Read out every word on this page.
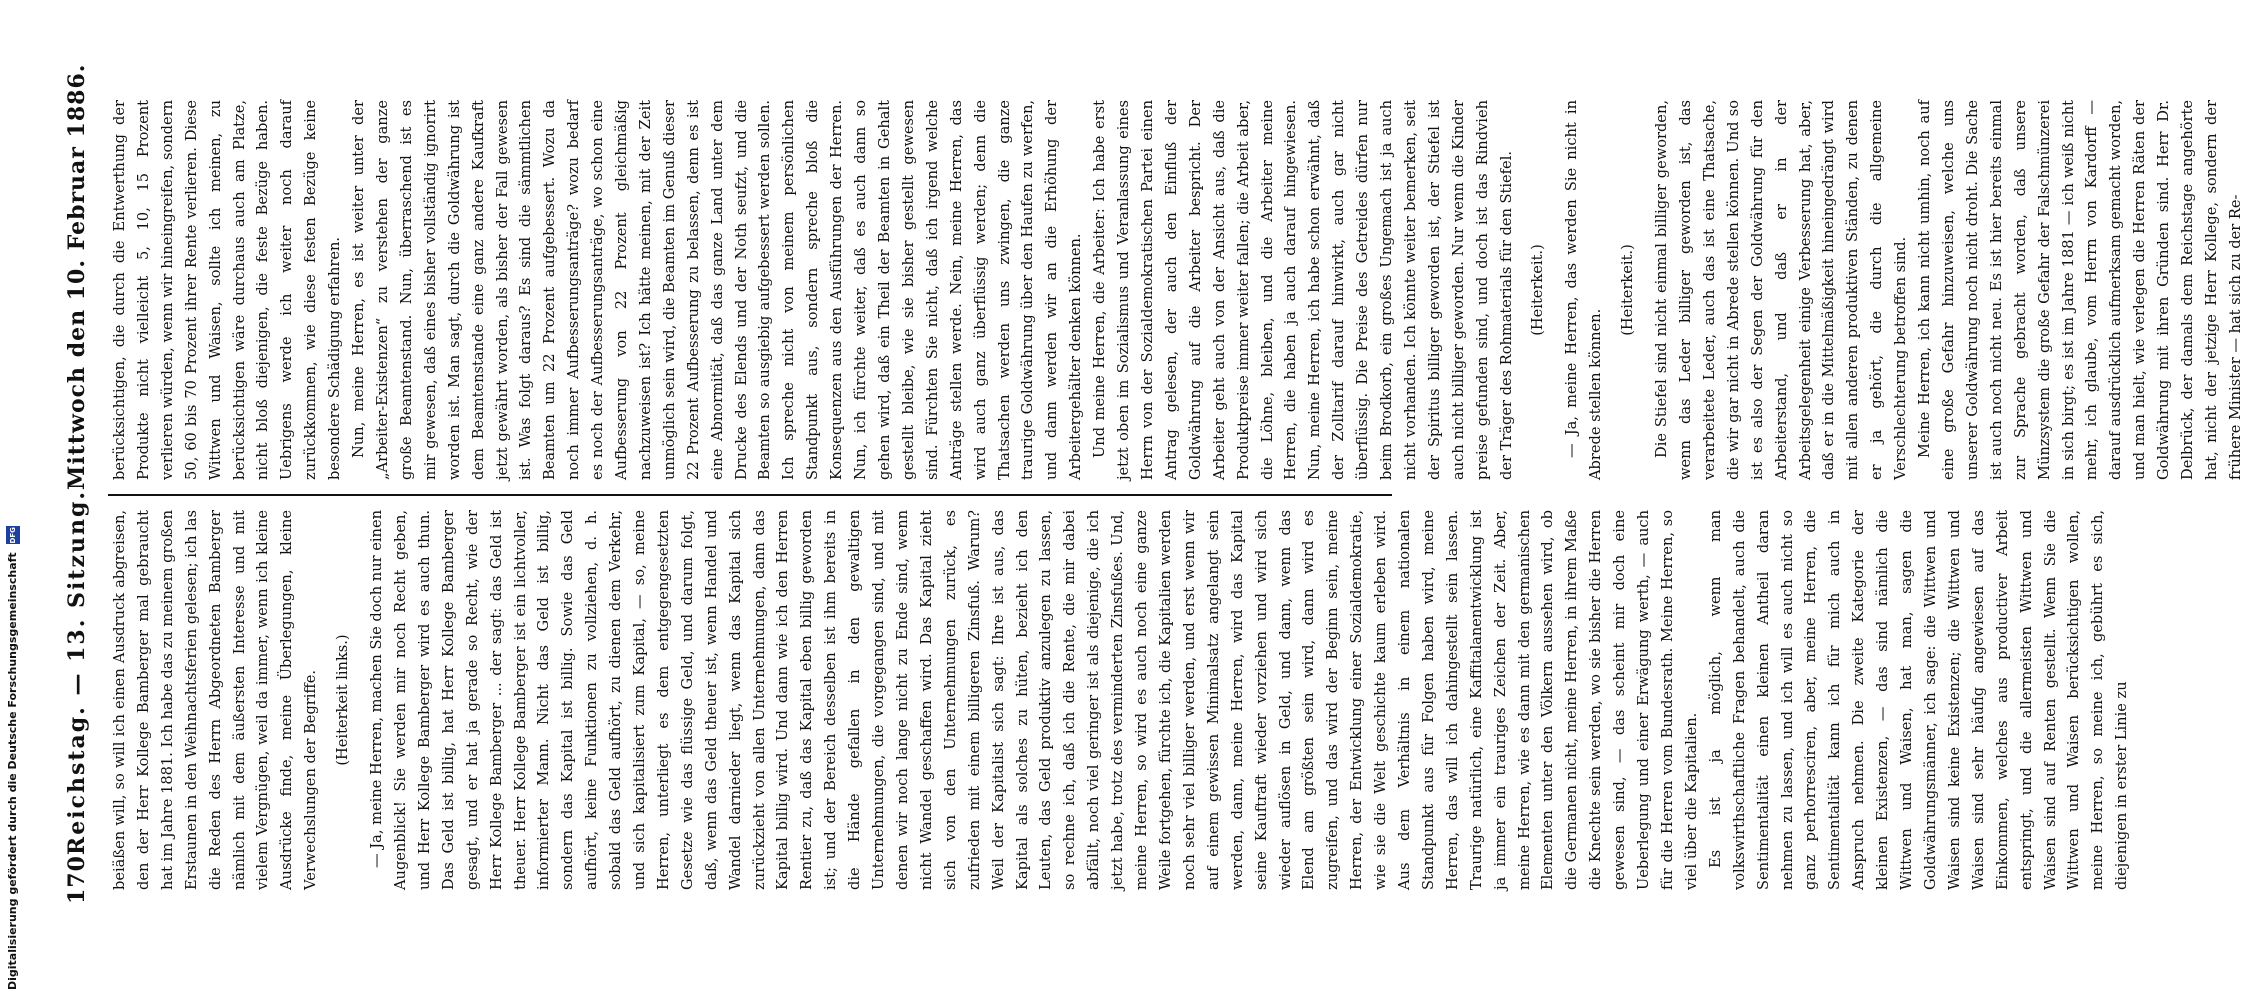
170
Reichstag. — 13. Sitzung.
Mittwoch den 10. Februar 1886.

beiäßen will, so will ich einen Ausdruck abgreisen, den der Herr Kollege Bamberger mal gebraucht hat im Jahre 1881. Ich habe das zu meinem großen Erstaunen in den Weihnachtsferien gelesen; ich las die Reden des Herrn Abgeordneten Bamberger nämlich mit dem äußersten Interesse und mit vielem Vergnügen, weil da immer, wenn ich kleine Ausdrücke finde, meine Überlegungen, kleine Verwechslungen der Begriffe. (Heiterkeit links.) — Ja, meine Herren, machen Sie doch nur einen Augenblick! Sie werden mir noch Recht geben, und Herr Kollege Bamberger wird es auch thun. Das Geld ist billig, hat Herr Kollege Bamberger gesagt, und er hat ja gerade so Recht, wie der Herr Kollege Bamberger ... der sagt: das Geld ist theuer. Herr Kollege Bamberger ist ein lichtvoller, informierter Mann. Nicht das Geld ist billig, sondern das Kapital ist billig. Sowie das Geld aufhört, keine Funktionen zu vollziehen, d. h. sobald das Geld aufhört, zu dienen dem Verkehr, und sich kapitalisiert zum Kapital, — so, meine Herren, unterliegt es dem entgegengesetzten Gesetze wie das flüssige Geld, und darum folgt, daß, wenn das Geld theuer ist, wenn Handel und Wandel darnieder liegt, wenn das Kapital sich zurückzieht von allen Unternehmungen, dann das Kapital billig wird. Und dann wie ich den Herren Rentier zu, daß das Kapital eben billig geworden ist; und der Bereich desselben ist ihm bereits in die Hände gefallen in den gewaltigen Unternehmungen, die vorgegangen sind, und mit denen wir noch lange nicht zu Ende sind, wenn nicht Wandel geschaffen wird. Das Kapital zieht sich von den Unternehmungen zurück, es zufrieden mit einem billigeren Zinsfuß. Warum? Weil der Kapitalist sich sagt: Ihre ist aus, das Kapital als solches zu hüten, bezieht ich den Leuten, das Geld produktiv anzulegen zu lassen, so rechne ich, daß ich die Rente, die mir dabei abfällt, noch viel geringer ist als diejenige, die ich jetzt habe, trotz des verminderten Zinsfußes. Und, meine Herren, so wird es auch noch eine ganze Weile fortgehen, fürchte ich, die Kapitalien werden noch sehr viel billiger werden, und erst wenn wir auf einem gewissen Minimalsatz angelangt sein werden, dann, meine Herren, wird das Kapital seine Kauftraft wieder vorziehen und wird sich wieder auflösen in Geld, und dann, wenn das Elend am größten sein wird, dann wird es zugreifen, und das wird der Beginn sein, meine Herren, der Entwicklung einer Sozialdemokratie, wie sie die Welt geschichte kaum erleben wird. Aus dem Verhältnis in einem nationalen Standpunkt aus für Folgen haben wird, meine Herren, das will ich dahingestellt sein lassen. Traurige natürlich, eine Kaffitalanentwicklung ist ja immer ein trauriges Zeichen der Zeit. Aber, meine Herren, wie es dann mit den germanischen Elementen unter den Völkern aussehen wird, ob die Germanen nicht, meine Herren, in ihrem Maße die Knechte sein werden, wo sie bisher die Herren gewesen sind, — das scheint mir doch eine Ueberlegung und einer Erwägung werth, — auch für die Herren vom Bundesrath. Meine Herren, so viel über die Kapitalien. Es ist ja möglich, wenn man volkswirthschaftliche Fragen behandelt, auch die Sentimentalität einen kleinen Antheil daran nehmen zu lassen, und ich will es auch nicht so ganz perhorresciren, aber, meine Herren, die Sentimentalität kann ich für mich auch in Anspruch nehmen. Die zweite Kategorie der kleinen Existenzen, — das sind nämlich die Wittwen und Waisen, hat man, sagen die Goldwährungsmänner, ich sage: die Wittwen und Waisen sind keine Existenzen; die Wittwen und Waisen sind sehr häufig angewiesen auf das Einkommen, welches aus productiver Arbeit entspringt, und die allermeisten Wittwen und Waisen sind auf Renten gestellt. Wenn Sie die Wittwen und Waisen berücksichtigen wollen, meine Herren, so meine ich, gebührt es sich, diejenigen in erster Linie zu

berücksichtigen, die durch die Entwerthung der Produkte nicht vielleicht 5, 10, 15 Prozent verlieren würden, wenn wir hineingreifen, sondern 50, 60 bis 70 Prozent ihrer Rente verlieren. Diese Wittwen und Waisen, sollte ich meinen, zu berücksichtigen wäre durchaus auch am Platze, nicht bloß diejenigen, die feste Bezüge haben. Uebrigens werde ich weiter noch darauf zurückkommen, wie diese festen Bezüge keine besondere Schädigung erfahren. Nun, meine Herren, es ist weiter unter der „Arbeiter-Existenzen“ zu verstehen der ganze große Beamtenstand. Nun, überraschend ist es mir gewesen, daß eines bisher vollständig ignorirt worden ist. Man sagt, durch die Goldwährung ist dem Beamtenstande eine ganz andere Kaufkraft jetzt gewährt worden, als bisher der Fall gewesen ist. Was folgt daraus? Es sind die sämmtlichen Beamten um 22 Prozent aufgebessert. Wozu da noch immer Aufbesserungsanträge? wozu bedarf es noch der Aufbesserungsanträge, wo schon eine Aufbesserung von 22 Prozent gleichmäßig nachzuweisen ist? Ich hätte meinen, mit der Zeit unmöglich sein wird, die Beamten im Genuß dieser 22 Prozent Aufbesserung zu belassen, denn es ist eine Abnormität, daß das ganze Land unter dem Drucke des Elends und der Noth seufzt, und die Beamten so ausgiebig aufgebessert werden sollen. Ich spreche nicht von meinem persönlichen Standpunkt aus, sondern spreche bloß die Konsequenzen aus den Ausführungen der Herren. Nun, ich fürchte weiter, daß es auch dann so gehen wird, daß ein Theil der Beamten in Gehalt gestellt bleibe, wie sie bisher gestellt gewesen sind. Fürchten Sie nicht, daß ich irgend welche Anträge stellen werde. Nein, meine Herren, das wird auch ganz überflüssig werden; denn die Thatsachen werden uns zwingen, die ganze traurige Goldwährung über den Haufen zu werfen, und dann werden wir an die Erhöhung der Arbeitergehälter denken können. Und meine Herren, die Arbeiter: Ich habe erst jetzt oben im Sozialismus und Veranlassung eines Herrn von der Sozialdemokratischen Partei einen Antrag gelesen, der auch den Einfluß der Goldwährung auf die Arbeiter bespricht. Der Arbeiter geht auch von der Ansicht aus, daß die Produktpreise immer weiter fallen; die Arbeit aber, die Löhne, bleiben, und die Arbeiter meine Herren, die haben ja auch darauf hingewiesen. Nun, meine Herren, ich habe schon erwähnt, daß der Zolltarif darauf hinwirkt, auch gar nicht überflüssig. Die Preise des Getreides dürfen nur beim Brodkorb, ein großes Ungemach ist ja auch nicht vorhanden. Ich könnte weiter bemerken, seit der Spiritus billiger geworden ist, der Stiefel ist auch nicht billiger geworden. Nur wenn die Kinder preise gefunden sind, und doch ist das Rindvieh der Träger des Rohmaterials für den Stiefel. (Heiterkeit.) — Ja, meine Herren, das werden Sie nicht in Abrede stellen können.

(Heiterkeit.) Die Stiefel sind nicht einmal billiger geworden, wenn das Leder billiger geworden ist, das verarbeitete Leder, auch das ist eine Thatsache, die wir gar nicht in Abrede stellen können. Und so ist es also der Segen der Goldwährung für den Arbeiterstand, und daß er in der Arbeitsgelegenheit einige Verbesserung hat, aber, daß er in die Mittelmäßigkeit hineingedrängt wird mit allen anderen produktiven Ständen, zu denen er ja gehört, die durch die allgemeine Verschlechterung betroffen sind. Meine Herren, ich kann nicht umhin, noch auf eine große Gefahr hinzuweisen, welche uns unserer Goldwährung noch nicht droht. Die Sache ist auch noch nicht neu. Es ist hier bereits einmal zur Sprache gebracht worden, daß unsere Münzsystem die große Gefahr der Falschmünzerei in sich birgt; es ist im Jahre 1881 — ich weiß nicht mehr, ich glaube, vom Herrn von Kardorff — darauf ausdrücklich aufmerksam gemacht worden, und man hielt, wie verlegen die Herren Räten der Goldwährung mit ihren Gründen sind. Herr Dr. Delbrück, der damals dem Reichstage angehörte hat, nicht der jetzige Herr Kollege, sondern der frühere Minister — hat sich zu der Re-

Digitalisierung gefördert durch die Deutsche Forschungsgemeinschaft DFG
